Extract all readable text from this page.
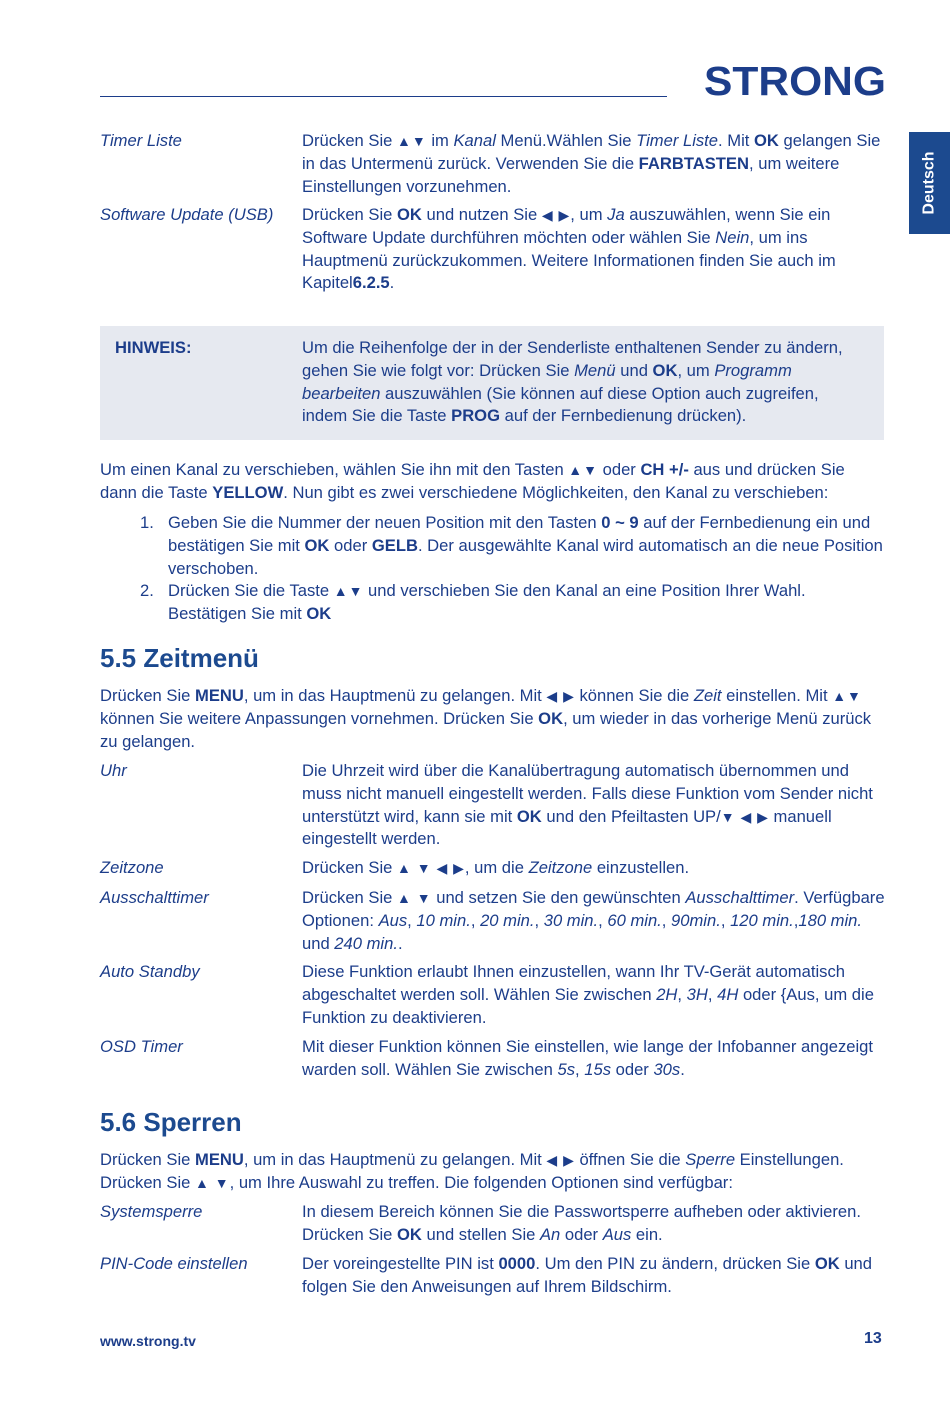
STRONG
Deutsch
Timer Liste	Drücken Sie ▲▼ im Kanal Menü.Wählen Sie Timer Liste. Mit OK gelangen Sie in das Untermenü zurück. Verwenden Sie die FARBTASTEN, um weitere Einstellungen vorzunehmen.
Software Update (USB)	Drücken Sie OK und nutzen Sie ◀ ▶, um Ja auszuwählen, wenn Sie ein Software Update durchführen möchten oder wählen Sie Nein, um ins Hauptmenü zurückzukommen. Weitere Informationen finden Sie auch im Kapitel6.2.5.
HINWEIS:	Um die Reihenfolge der in der Senderliste enthaltenen Sender zu ändern, gehen Sie wie folgt vor: Drücken Sie Menü und OK, um Programm bearbeiten auszuwählen (Sie können auf diese Option auch zugreifen, indem Sie die Taste PROG auf der Fernbedienung drücken).
Um einen Kanal zu verschieben, wählen Sie ihn mit den Tasten ▲▼ oder CH +/- aus und drücken Sie dann die Taste YELLOW. Nun gibt es zwei verschiedene Möglichkeiten, den Kanal zu verschieben:
1. Geben Sie die Nummer der neuen Position mit den Tasten 0 ~ 9 auf der Fernbedienung ein und bestätigen Sie mit OK oder GELB. Der ausgewählte Kanal wird automatisch an die neue Position verschoben.
2. Drücken Sie die Taste ▲▼ und verschieben Sie den Kanal an eine Position Ihrer Wahl. Bestätigen Sie mit OK
5.5 Zeitmenü
Drücken Sie MENU, um in das Hauptmenü zu gelangen. Mit ◀ ▶ können Sie die Zeit einstellen. Mit ▲▼ können Sie weitere Anpassungen vornehmen. Drücken Sie OK, um wieder in das vorherige Menü zurück zu gelangen.
Uhr	Die Uhrzeit wird über die Kanalübertragung automatisch übernommen und muss nicht manuell eingestellt werden. Falls diese Funktion vom Sender nicht unterstützt wird, kann sie mit OK und den Pfeiltasten UP/▼ ◀ ▶ manuell eingestellt werden.
Zeitzone	Drücken Sie ▲ ▼ ◀ ▶, um die Zeitzone einzustellen.
Ausschalttimer	Drücken Sie ▲ ▼ und setzen Sie den gewünschten Ausschalttimer. Verfügbare Optionen: Aus, 10 min., 20 min., 30 min., 60 min., 90min., 120 min.,180 min. und 240 min..
Auto Standby	Diese Funktion erlaubt Ihnen einzustellen, wann Ihr TV-Gerät automatisch abgeschaltet werden soll. Wählen Sie zwischen 2H, 3H, 4H oder {Aus, um die Funktion zu deaktivieren.
OSD Timer	Mit dieser Funktion können Sie einstellen, wie lange der Infobanner angezeigt warden soll. Wählen Sie zwischen 5s, 15s oder 30s.
5.6 Sperren
Drücken Sie MENU, um in das Hauptmenü zu gelangen. Mit ◀ ▶ öffnen Sie die Sperre Einstellungen. Drücken Sie ▲ ▼, um Ihre Auswahl zu treffen. Die folgenden Optionen sind verfügbar:
Systemsperre	In diesem Bereich können Sie die Passwortsperre aufheben oder aktivieren. Drücken Sie OK und stellen Sie An oder Aus ein.
PIN-Code einstellen	Der voreingestellte PIN ist 0000. Um den PIN zu ändern, drücken Sie OK und folgen Sie den Anweisungen auf Ihrem Bildschirm.
www.strong.tv	13
